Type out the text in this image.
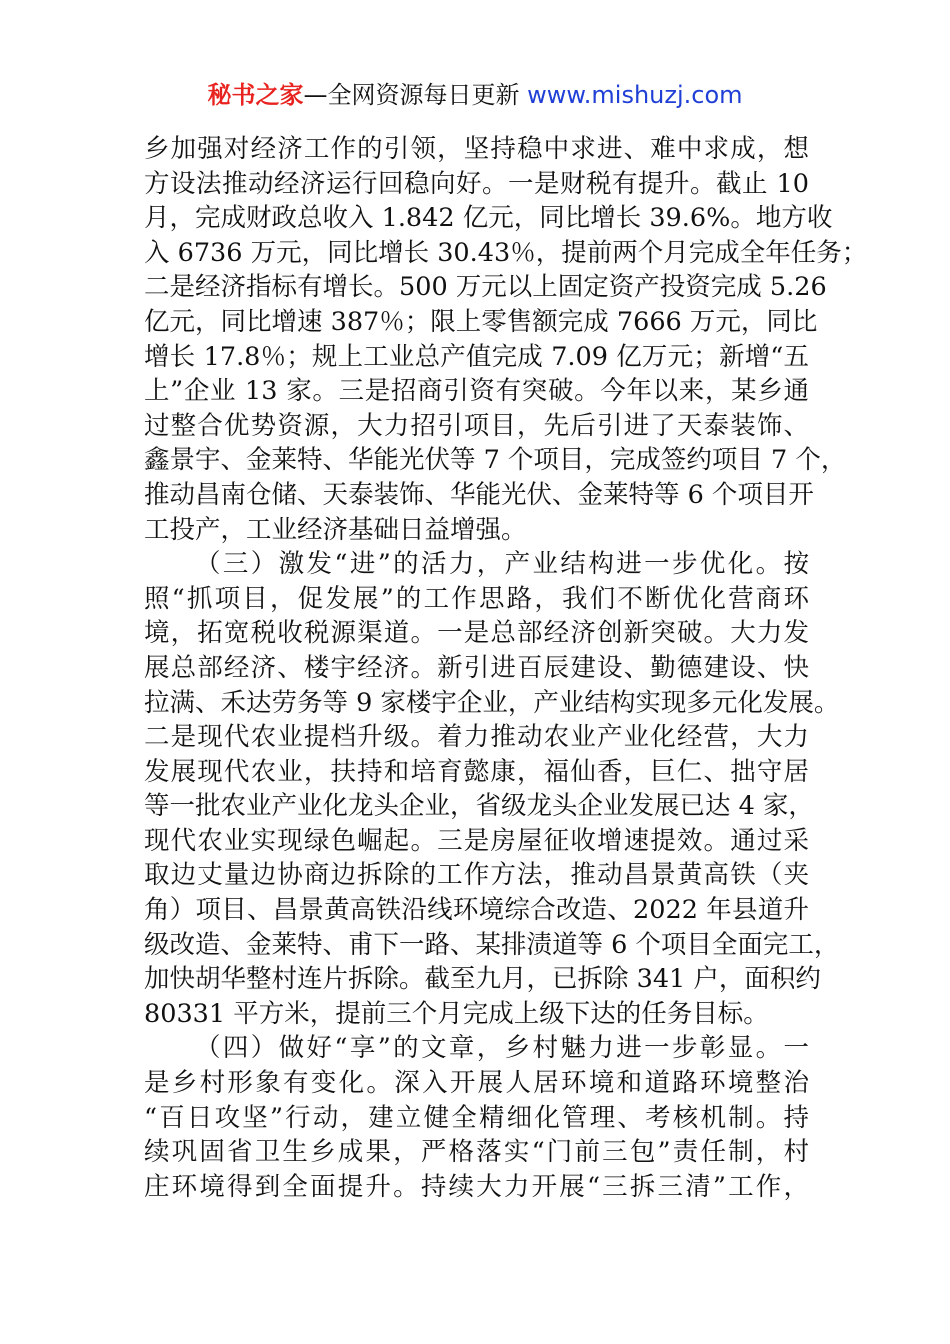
秘书之家—全网资源每日更新 www.mishuzj.com
乡加强对经济工作的引领，坚持稳中求进、难中求成，想
方设法推动经济运行回稳向好。一是财税有提升。截止 10
月，完成财政总收入 1.842 亿元，同比增长 39.6%。地方收
入 6736 万元，同比增长 30.43％，提前两个月完成全年任务；
二是经济指标有增长。500 万元以上固定资产投资完成 5.26
亿元，同比增速 387％；限上零售额完成 7666 万元，同比
增长 17.8％；规上工业总产值完成 7.09 亿万元；新增“五
上”企业 13 家。三是招商引资有突破。今年以来，某乡通
过整合优势资源，大力招引项目，先后引进了天泰装饰、
鑫景宇、金莱特、华能光伏等 7 个项目，完成签约项目 7 个，
推动昌南仓储、天泰装饰、华能光伏、金莱特等 6 个项目开
工投产，工业经济基础日益增强。
（三）激发“进”的活力，产业结构进一步优化。按
照“抓项目，促发展”的工作思路，我们不断优化营商环
境，拓宽税收税源渠道。一是总部经济创新突破。大力发
展总部经济、楼宇经济。新引进百辰建设、勤德建设、快
拉满、禾达劳务等 9 家楼宇企业，产业结构实现多元化发展。
二是现代农业提档升级。着力推动农业产业化经营，大力
发展现代农业，扶持和培育懿康，福仙香，巨仁、拙守居
等一批农业产业化龙头企业，省级龙头企业发展已达 4 家，
现代农业实现绿色崛起。三是房屋征收增速提效。通过采
取边丈量边协商边拆除的工作方法，推动昌景黄高铁（夹
角）项目、昌景黄高铁沿线环境综合改造、2022 年县道升
级改造、金莱特、甫下一路、某排渍道等 6 个项目全面完工，
加快胡华整村连片拆除。截至九月，已拆除 341 户，面积约
80331 平方米，提前三个月完成上级下达的任务目标。
（四）做好“享”的文章，乡村魅力进一步彰显。一
是乡村形象有变化。深入开展人居环境和道路环境整治
“百日攻坚”行动，建立健全精细化管理、考核机制。持
续巩固省卫生乡成果，严格落实“门前三包”责任制，村
庄环境得到全面提升。持续大力开展“三拆三清”工作，
